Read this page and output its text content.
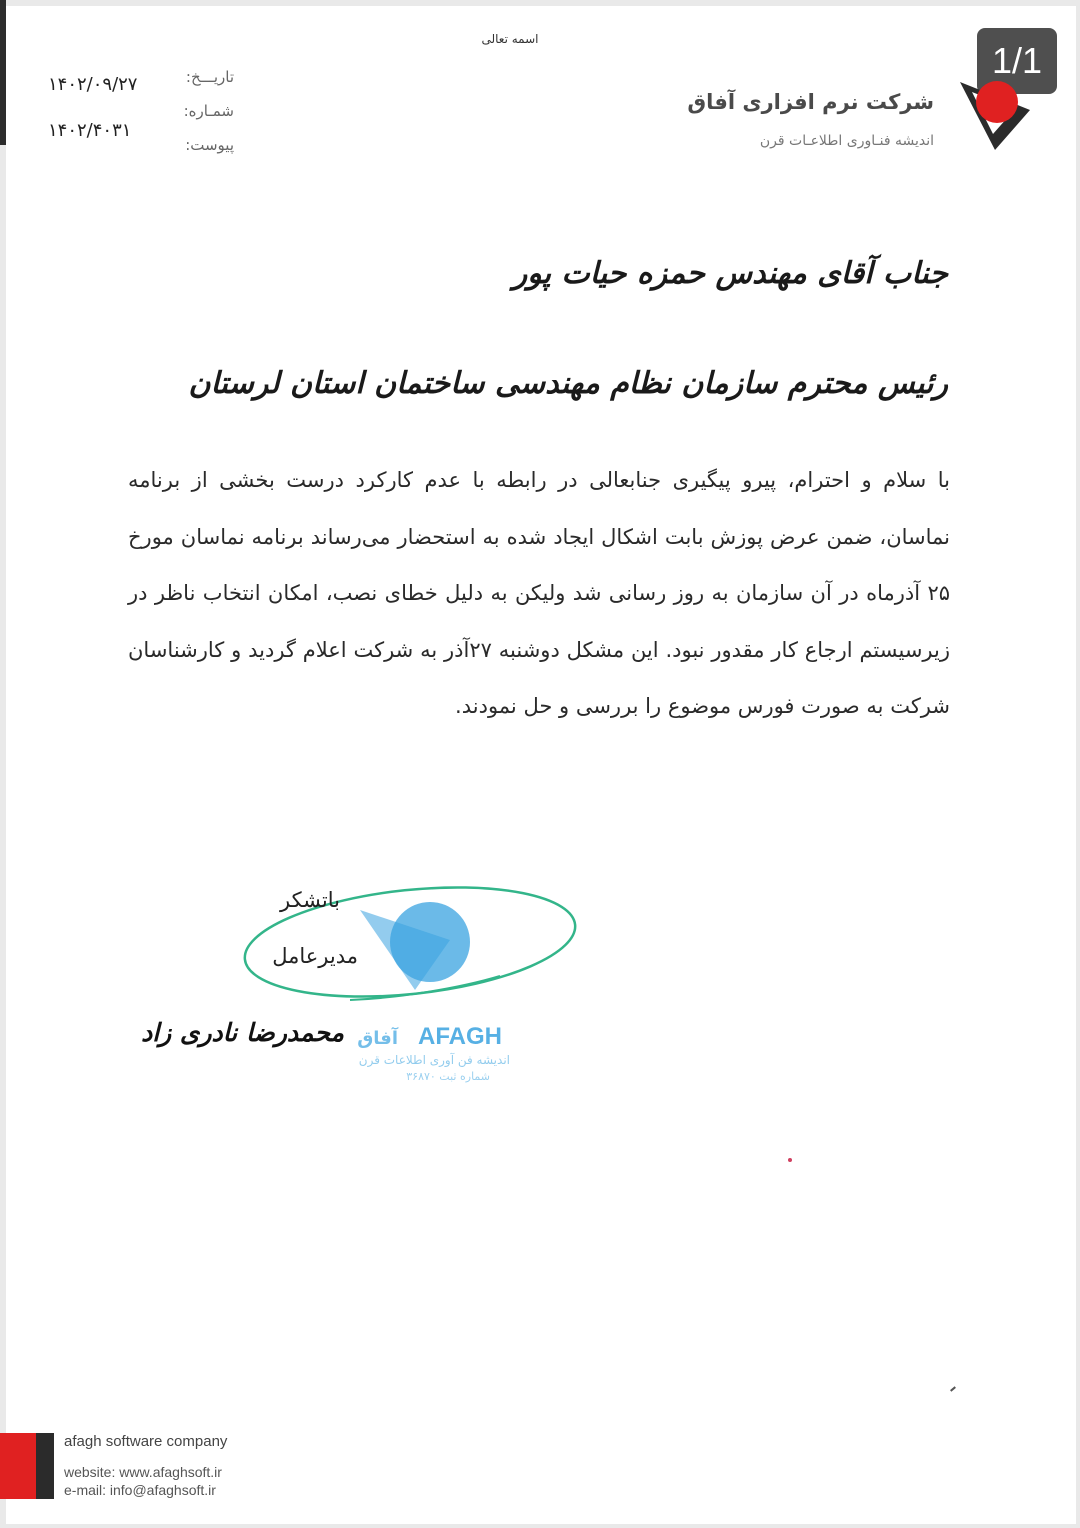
1/1
اسمه تعالی
شرکت نرم افزاری آفاق
اندیشه فنـاوری اطلاعـات قرن
تاریـــخ:
۱۴۰۲/۰۹/۲۷
شمـاره:
۱۴۰۲/۴۰۳۱
پیوست:
جناب آقای مهندس حمزه حیات پور
رئیس محترم سازمان نظام مهندسی ساختمان استان لرستان
با سلام و احترام، پیرو پیگیری جنابعالی در رابطه با عدم کارکرد درست بخشی از برنامه نماسان، ضمن عرض پوزش بابت اشکال ایجاد شده به استحضار می‌رساند برنامه نماسان مورخ ۲۵ آذرماه در آن سازمان به روز رسانی شد ولیکن به دلیل خطای نصب، امکان انتخاب ناظر در زیرسیستم ارجاع کار مقدور نبود. این مشکل دوشنبه ۲۷آذر به شرکت اعلام گردید و کارشناسان شرکت به صورت فورس موضوع را بررسی و حل نمودند.
AFAGH
آفاق
اندیشه فن آوری اطلاعات قرن
شماره ثبت ۳۶۸۷۰
باتشکر
مدیرعامل
محمدرضا نادری زاد
afagh software company
website: www.afaghsoft.ir
e-mail: info@afaghsoft.ir
